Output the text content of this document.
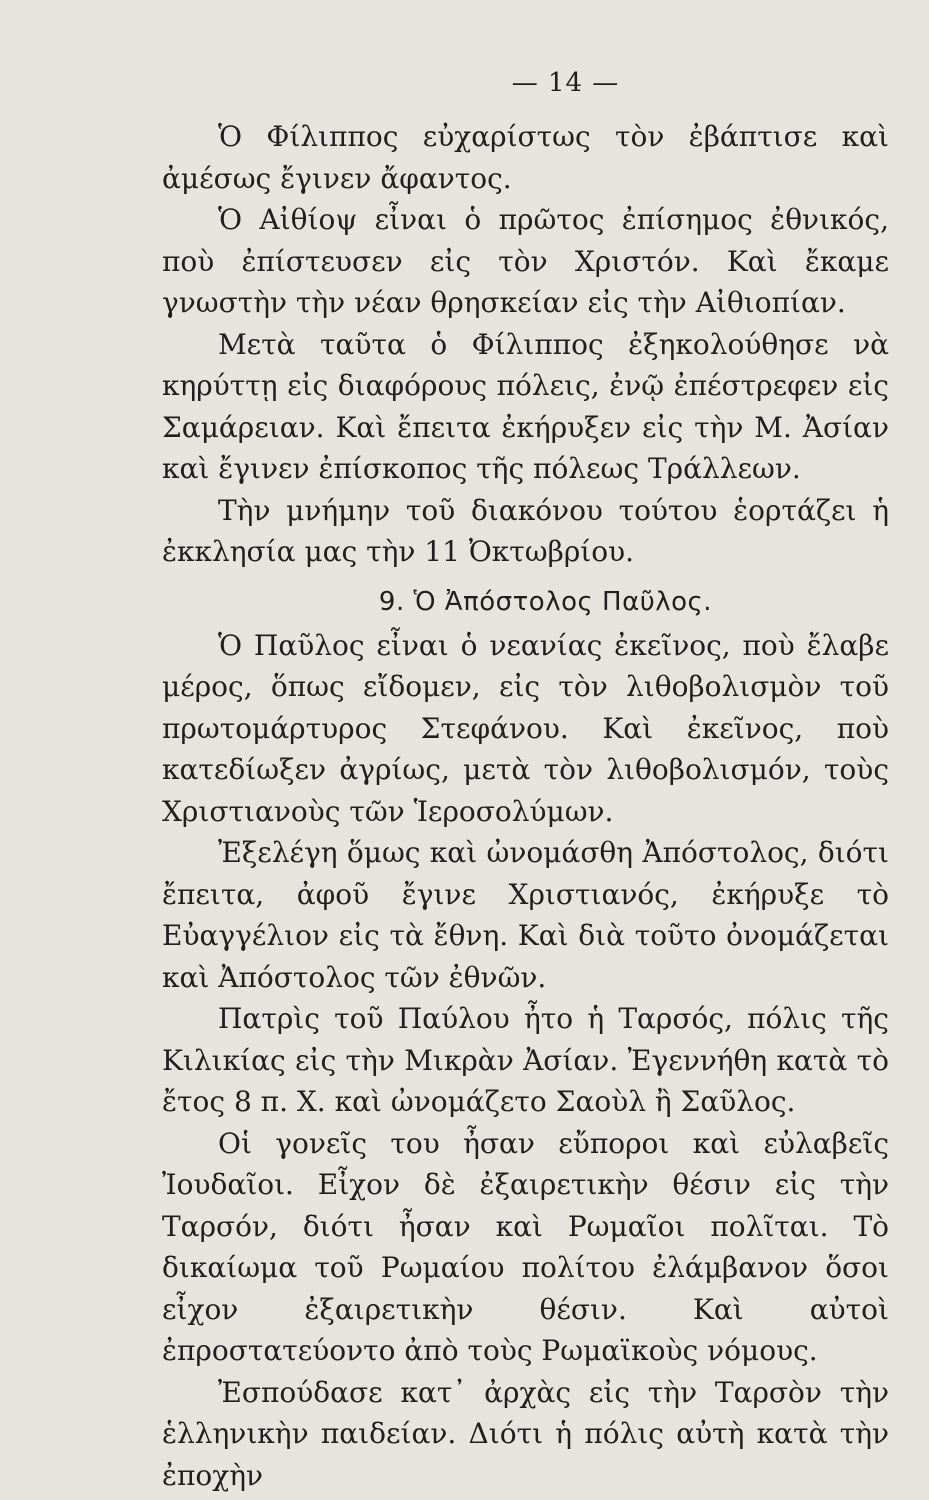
— 14 —

Ὁ Φίλιππος εὐχαρίστως τὸν ἐβάπτισε καὶ ἀμέσως ἔγινεν ἄφαντος.

Ὁ Αἰθίοψ εἶναι ὁ πρῶτος ἐπίσημος ἐθνικός, ποὺ ἐπίστευσεν εἰς τὸν Χριστόν. Καὶ ἔκαμε γνωστὴν τὴν νέαν θρησκείαν εἰς τὴν Αἰθιοπίαν.

Μετὰ ταῦτα ὁ Φίλιππος ἐξηκολούθησε νὰ κηρύττῃ εἰς διαφόρους πόλεις, ἐνῷ ἐπέστρεφεν εἰς Σαμάρειαν. Καὶ ἔπειτα ἐκήρυξεν εἰς τὴν Μ. Ἀσίαν καὶ ἔγινεν ἐπίσκοπος τῆς πόλεως Τράλλεων.

Τὴν μνήμην τοῦ διακόνου τούτου ἑορτάζει ἡ ἐκκλησία μας τὴν 11 Ὀκτωβρίου.

9. Ὁ Ἀπόστολος Παῦλος.

Ὁ Παῦλος εἶναι ὁ νεανίας ἐκεῖνος, ποὺ ἔλαβε μέρος, ὅπως εἴδομεν, εἰς τὸν λιθοβολισμὸν τοῦ πρωτομάρτυρος Στεφάνου. Καὶ ἐκεῖνος, ποὺ κατεδίωξεν ἀγρίως, μετὰ τὸν λιθοβολισμόν, τοὺς Χριστιανοὺς τῶν Ἱεροσολύμων.

Ἐξελέγη ὅμως καὶ ὠνομάσθη Ἀπόστολος, διότι ἔπειτα, ἀφοῦ ἔγινε Χριστιανός, ἐκήρυξε τὸ Εὐαγγέλιον εἰς τὰ ἔθνη. Καὶ διὰ τοῦτο ὀνομάζεται καὶ Ἀπόστολος τῶν ἐθνῶν.

Πατρὶς τοῦ Παύλου ἦτο ἡ Ταρσός, πόλις τῆς Κιλικίας εἰς τὴν Μικρὰν Ἀσίαν. Ἐγεννήθη κατὰ τὸ ἔτος 8 π. Χ. καὶ ὠνομάζετο Σαοὺλ ἢ Σαῦλος.

Οἱ γονεῖς του ἦσαν εὔποροι καὶ εὐλαβεῖς Ἰουδαῖοι. Εἶχον δὲ ἐξαιρετικὴν θέσιν εἰς τὴν Ταρσόν, διότι ἦσαν καὶ Ρωμαῖοι πολῖται. Τὸ δικαίωμα τοῦ Ρωμαίου πολίτου ἐλάμβανον ὅσοι εἶχον ἐξαιρετικὴν θέσιν. Καὶ αὐτοὶ ἐπροστατεύοντο ἀπὸ τοὺς Ρωμαϊκοὺς νόμους.

Ἐσπούδασε κατ᾿ ἀρχὰς εἰς τὴν Ταρσὸν τὴν ἑλληνικὴν παιδείαν. Διότι ἡ πόλις αὐτὴ κατὰ τὴν ἐποχὴν
